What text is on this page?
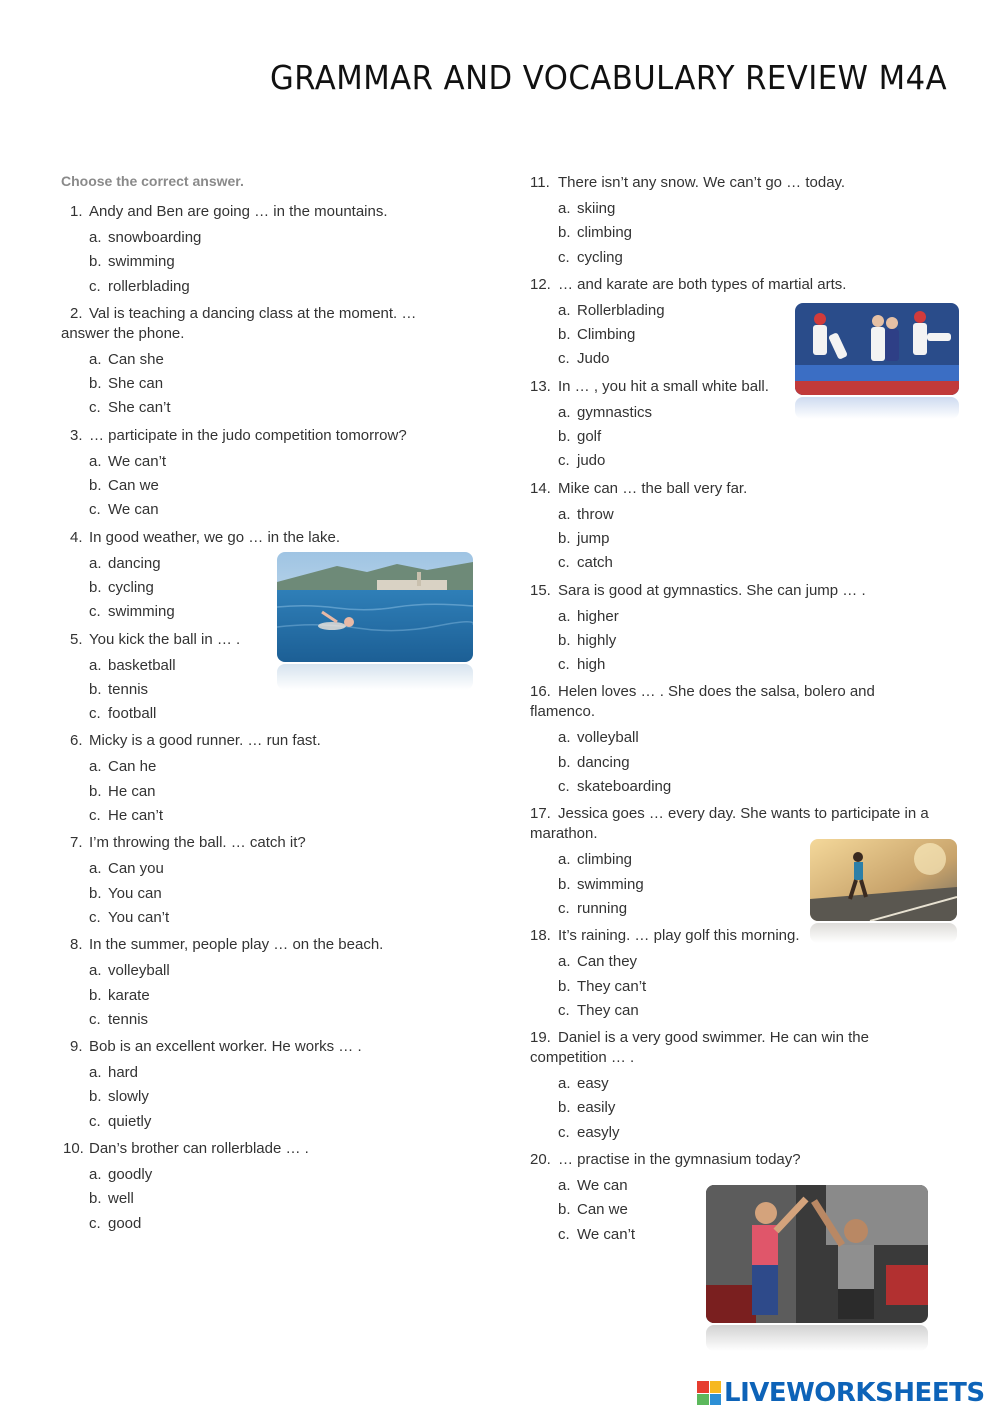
GRAMMAR AND VOCABULARY REVIEW M4A
Choose the correct answer.
1. Andy and Ben are going … in the mountains.
a. snowboarding
b. swimming
c. rollerblading
2. Val is teaching a dancing class at the moment. …
answer the phone.
a. Can she
b. She can
c. She can’t
3. … participate in the judo competition tomorrow?
a. We can’t
b. Can we
c. We can
4. In good weather, we go … in the lake.
a. dancing
b. cycling
c. swimming
5. You kick the ball in … .
a. basketball
b. tennis
c. football
6. Micky is a good runner. … run fast.
a. Can he
b. He can
c. He can’t
7. I’m throwing the ball. … catch it?
a. Can you
b. You can
c. You can’t
8. In the summer, people play … on the beach.
a. volleyball
b. karate
c. tennis
9. Bob is an excellent worker. He works … .
a. hard
b. slowly
c. quietly
10. Dan’s brother can rollerblade … .
a. goodly
b. well
c. good
11. There isn’t any snow. We can’t go … today.
a. skiing
b. climbing
c. cycling
12. … and karate are both types of martial arts.
a. Rollerblading
b. Climbing
c. Judo
13. In … , you hit a small white ball.
a. gymnastics
b. golf
c. judo
14. Mike can … the ball very far.
a. throw
b. jump
c. catch
15. Sara is good at gymnastics. She can jump … .
a. higher
b. highly
c. high
16. Helen loves … . She does the salsa, bolero and
flamenco.
a. volleyball
b. dancing
c. skateboarding
17. Jessica goes … every day. She wants to participate in a
marathon.
a. climbing
b. swimming
c. running
18. It’s raining. … play golf this morning.
a. Can they
b. They can’t
c. They can
19. Daniel is a very good swimmer. He can win the
competition … .
a. easy
b. easily
c. easyly
20. … practise in the gymnasium today?
a. We can
b. Can we
c. We can’t
LIVEWORKSHEETS
